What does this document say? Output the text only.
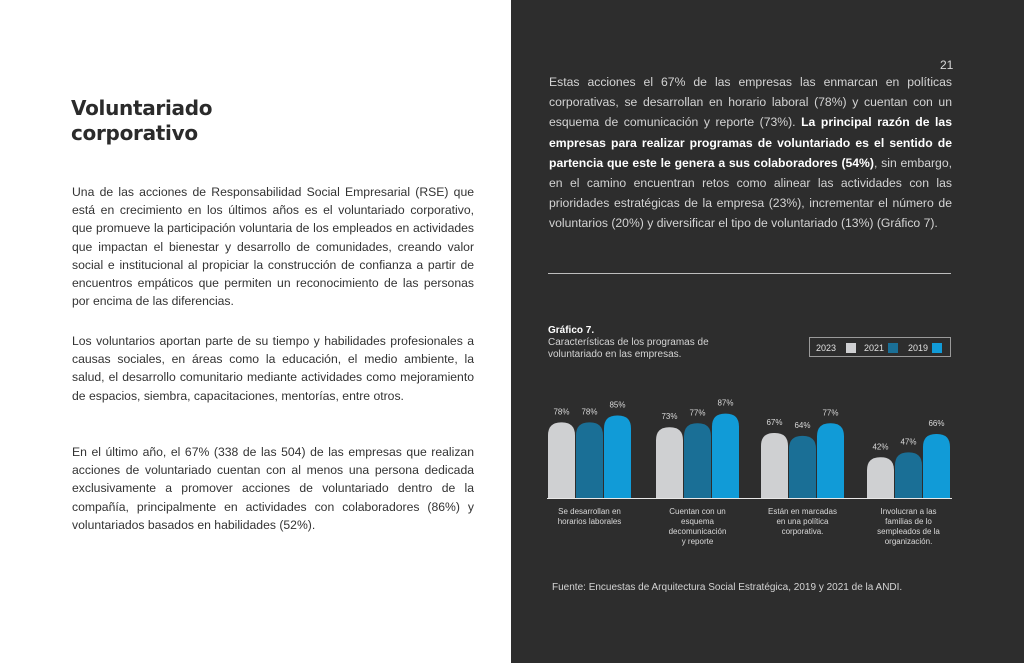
Voluntariado
corporativo

Una de las acciones de Responsabilidad Social Empresarial (RSE) que está en crecimiento en los últimos años es el voluntariado corporativo, que promueve la participación voluntaria de los empleados en actividades que impactan el bienestar y desarrollo de comunidades, creando valor social e institucional al propiciar la construcción de confianza a partir de encuentros empáticos que permiten un reconocimiento de las personas por encima de las diferencias.

Los voluntarios aportan parte de su tiempo y habilidades profesionales a causas sociales, en áreas como la educación, el medio ambiente, la salud, el desarrollo comunitario mediante actividades como mejoramiento de espacios, siembra, capacitaciones, mentorías, entre otros.

En el último año, el 67% (338 de las 504) de las empresas que realizan acciones de voluntariado cuentan con al menos una persona dedicada exclusivamente a promover acciones de voluntariado dentro de la compañía, principalmente en actividades con colaboradores (86%) y voluntariados basados en habilidades (52%).

21

Estas acciones el 67% de las empresas las enmarcan en políticas corporativas, se desarrollan en horario laboral (78%) y cuentan con un esquema de comunicación y reporte (73%). La principal razón de las empresas para realizar programas de voluntariado es el sentido de partencia que este le genera a sus colaboradores (54%), sin embargo, en el camino encuentran retos como alinear las actividades con las prioridades estratégicas de la empresa (23%), incrementar el número de voluntarios (20%) y diversificar el tipo de voluntariado (13%) (Gráfico 7).

Gráfico 7.
Características de los programas de voluntariado en las empresas.
2023	2021	2019
78% 78%
85%
Se desarrollan en horarios laborales
73% 77%
87%
Cuentan con un esquema decomunicación y reporte
67% 64%
77%
Están en marcadas en una política corporativa.
42%
47%
66%
Involucran a las familias de lo sempleados de la organización.
Fuente: Encuestas de Arquitectura Social Estratégica, 2019 y 2021 de la ANDI.
